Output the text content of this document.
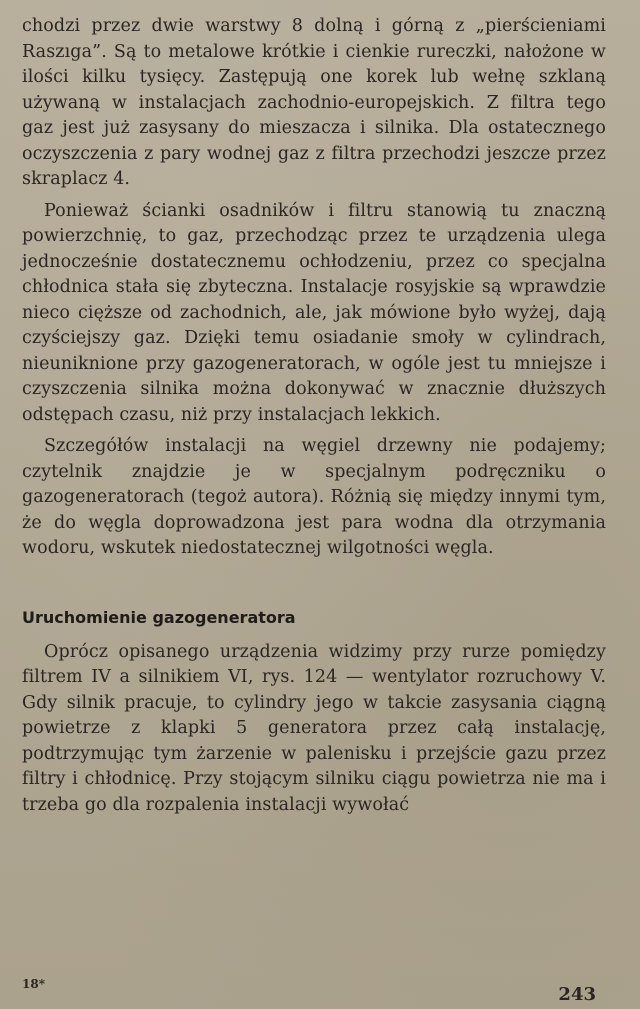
chodzi przez dwie warstwy 8 dolną i górną z „pierścieniami Raszıga”. Są to metalowe krótkie i cienkie rureczki, nałożone w ilości kilku tysięcy. Zastępują one korek lub wełnę szklaną używaną w instalacjach zachodnio-europejskich. Z filtra tego gaz jest już zasysany do mieszacza i silnika. Dla ostatecznego oczyszczenia z pary wodnej gaz z filtra przechodzi jeszcze przez skraplacz 4.

Ponieważ ścianki osadników i filtru stanowią tu znaczną powierzchnię, to gaz, przechodząc przez te urządzenia ulega jednocześnie dostatecznemu ochłodzeniu, przez co specjalna chłodnica stała się zbyteczna. Instalacje rosyjskie są wprawdzie nieco cięższe od zachodnich, ale, jak mówione było wyżej, dają czyściejszy gaz. Dzięki temu osiadanie smoły w cylindrach, nieuniknione przy gazogeneratorach, w ogóle jest tu mniejsze i czyszczenia silnika można dokonywać w znacznie dłuższych odstępach czasu, niż przy instalacjach lekkich.

Szczegółów instalacji na węgiel drzewny nie podajemy; czytelnik znajdzie je w specjalnym podręczniku o gazogeneratorach (tegoż autora). Różnią się między innymi tym, że do węgla doprowadzona jest para wodna dla otrzymania wodoru, wskutek niedostatecznej wilgotności węgla.

Uruchomienie gazogeneratora

Oprócz opisanego urządzenia widzimy przy rurze pomiędzy filtrem IV a silnikiem VI, rys. 124 — wentylator rozruchowy V. Gdy silnik pracuje, to cylindry jego w takcie zasysania ciągną powietrze z klapki 5 generatora przez całą instalację, podtrzymując tym żarzenie w palenisku i przejście gazu przez filtry i chłodnicę. Przy stojącym silniku ciągu powietrza nie ma i trzeba go dla rozpalenia instalacji wywołać

18*	243
